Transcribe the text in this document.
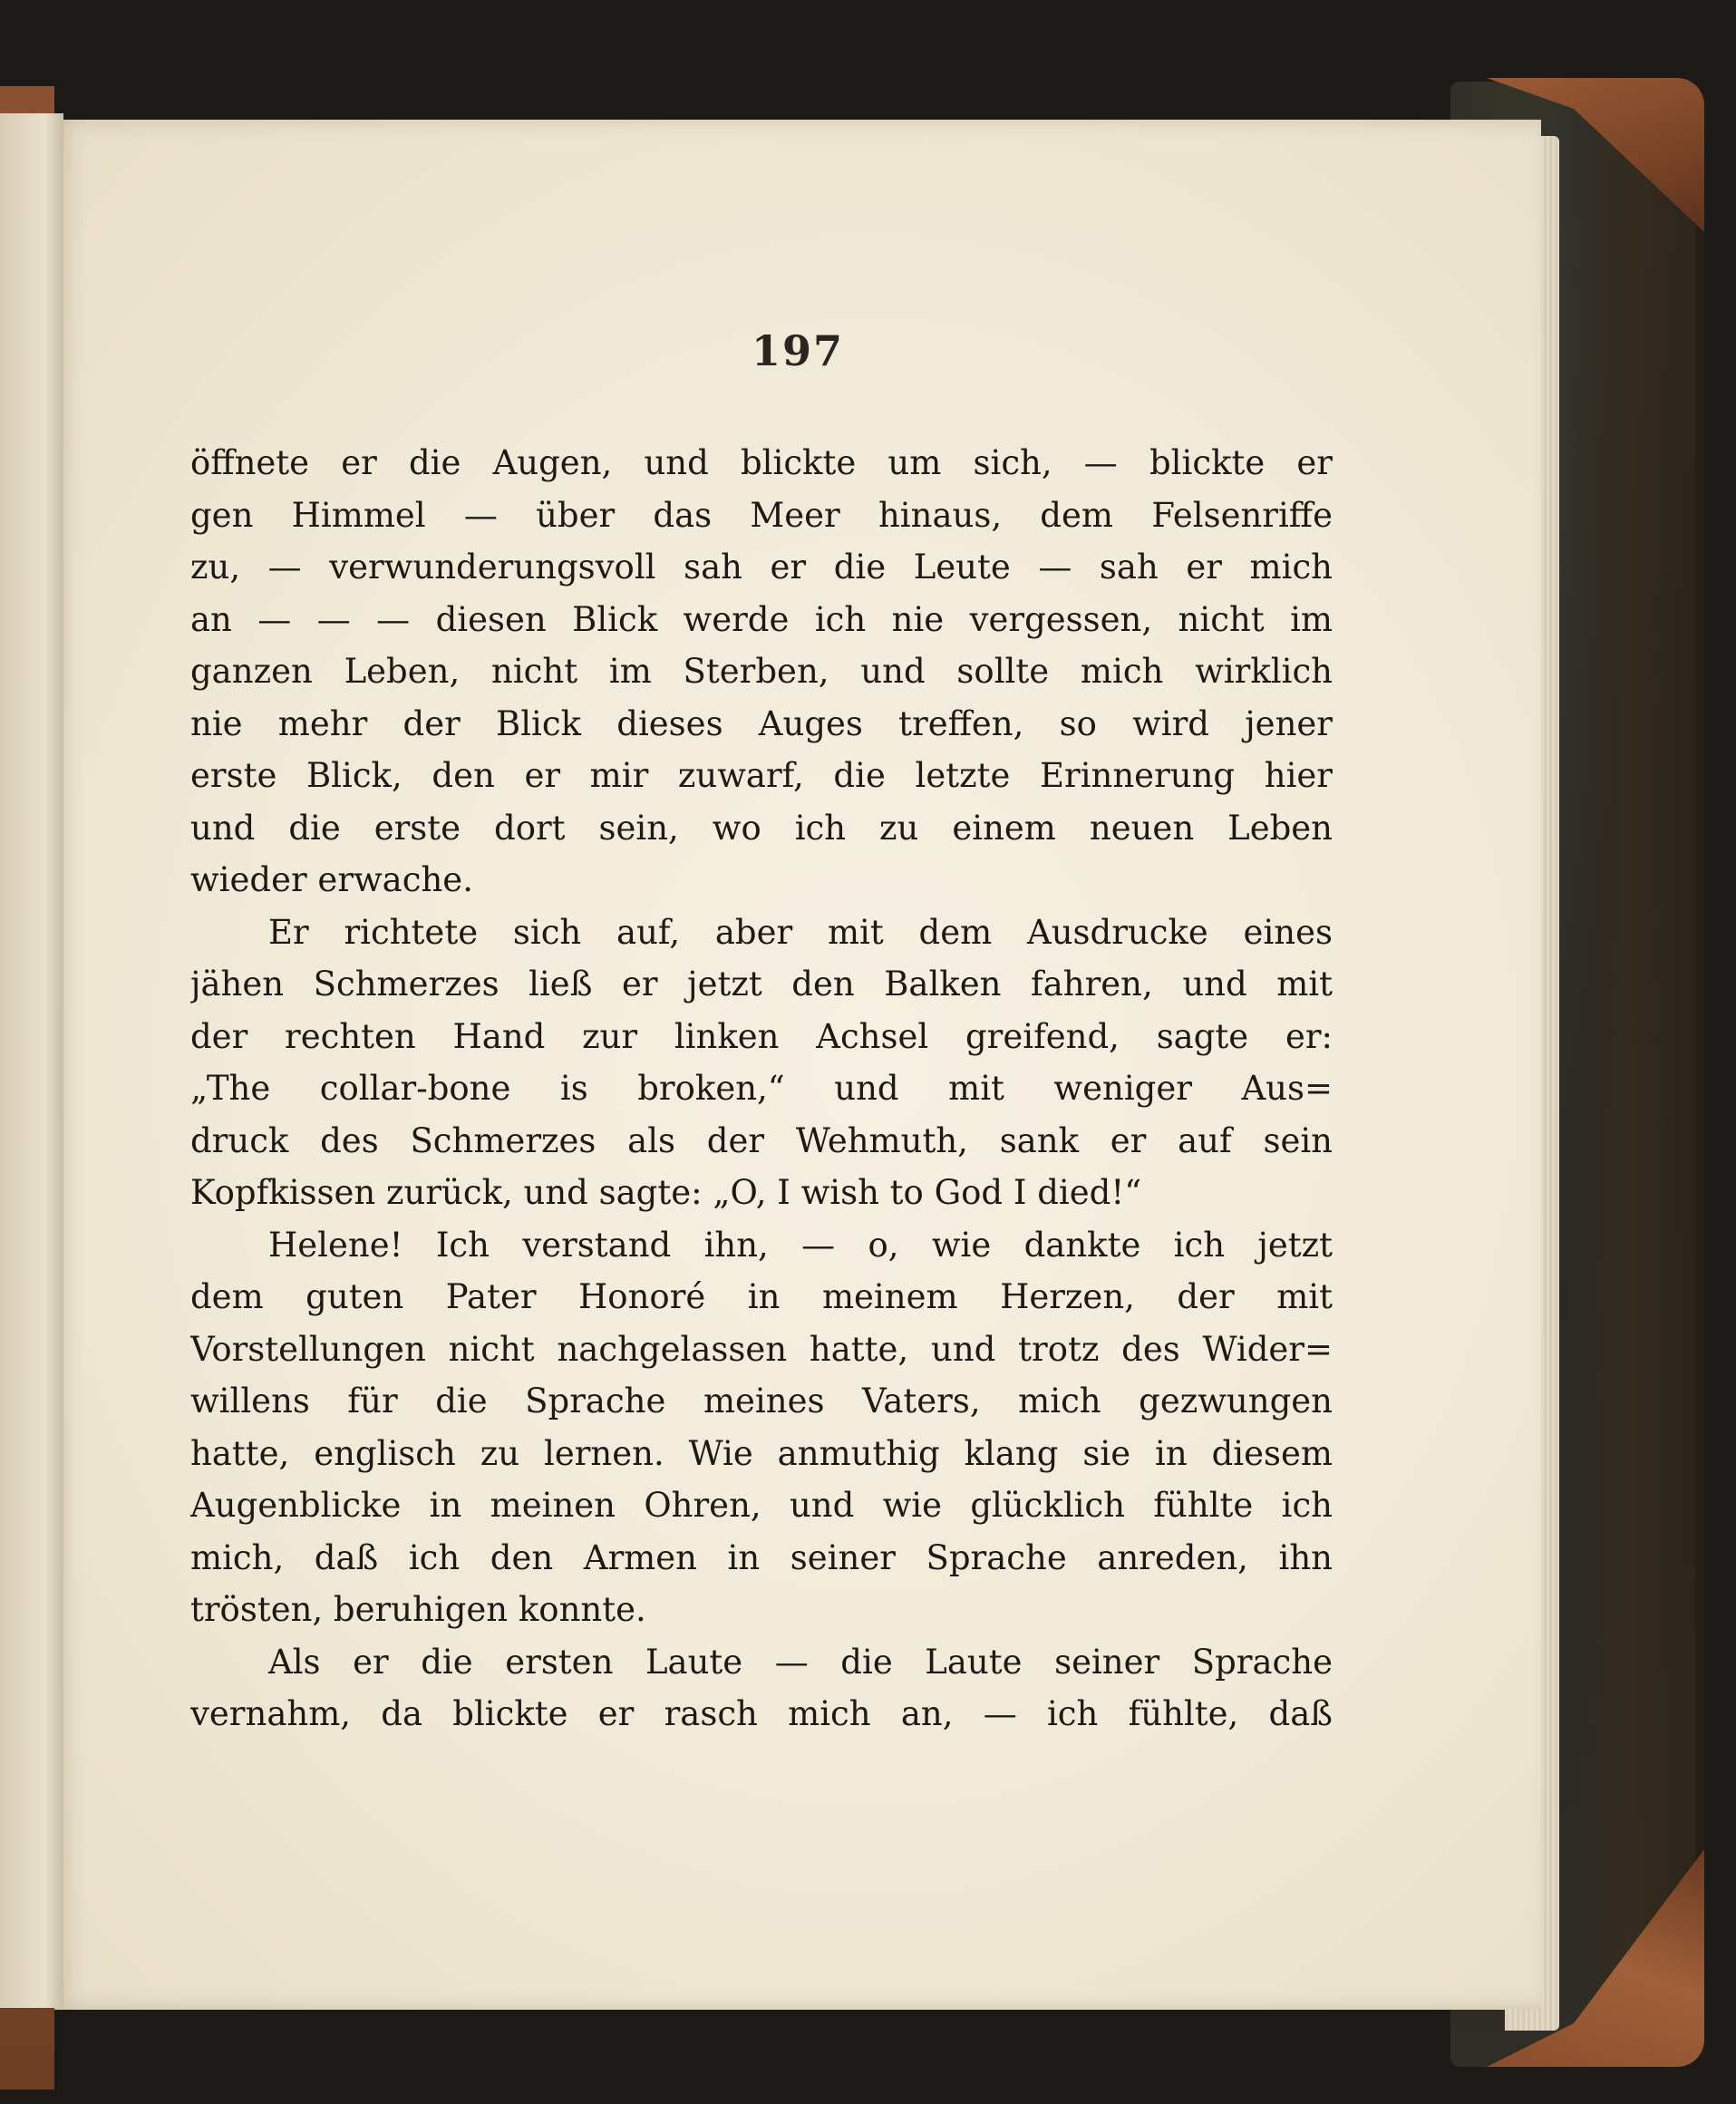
197
öffnete er die Augen, und blickte um sich, — blickte er
gen Himmel — über das Meer hinaus, dem Felsenriffe
zu, — verwunderungsvoll sah er die Leute — sah er mich
an — — — diesen Blick werde ich nie vergessen, nicht im
ganzen Leben, nicht im Sterben, und sollte mich wirklich
nie mehr der Blick dieses Auges treffen, so wird jener
erste Blick, den er mir zuwarf, die letzte Erinnerung hier
und die erste dort sein, wo ich zu einem neuen Leben
wieder erwache.
Er richtete sich auf, aber mit dem Ausdrucke eines
jähen Schmerzes ließ er jetzt den Balken fahren, und mit
der rechten Hand zur linken Achsel greifend, sagte er:
„The collar-bone is broken,“ und mit weniger Aus=
druck des Schmerzes als der Wehmuth, sank er auf sein
Kopfkissen zurück, und sagte: „O, I wish to God I died!“
Helene! Ich verstand ihn, — o, wie dankte ich jetzt
dem guten Pater Honoré in meinem Herzen, der mit
Vorstellungen nicht nachgelassen hatte, und trotz des Wider=
willens für die Sprache meines Vaters, mich gezwungen
hatte, englisch zu lernen. Wie anmuthig klang sie in diesem
Augenblicke in meinen Ohren, und wie glücklich fühlte ich
mich, daß ich den Armen in seiner Sprache anreden, ihn
trösten, beruhigen konnte.
Als er die ersten Laute — die Laute seiner Sprache
vernahm, da blickte er rasch mich an, — ich fühlte, daß
